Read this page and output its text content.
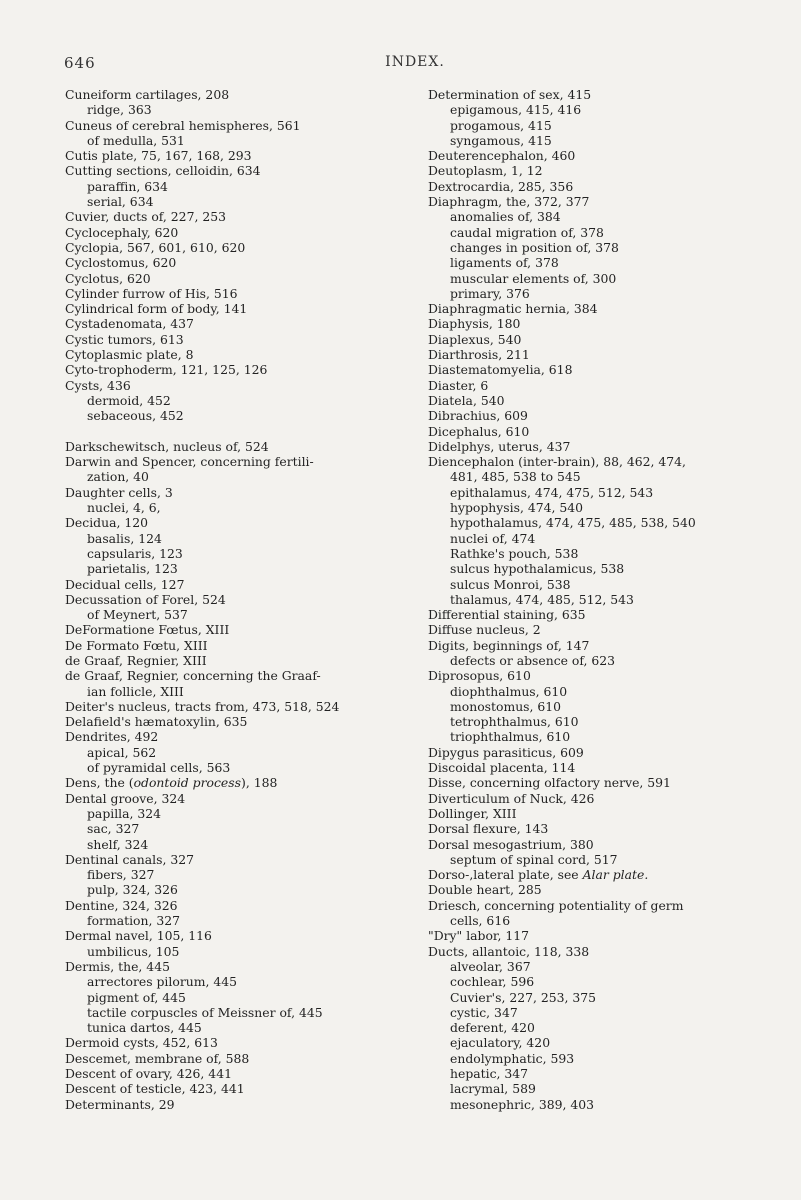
646	INDEX.
Cuneiform cartilages, 208
ridge, 363
Cuneus of cerebral hemispheres, 561
of medulla, 531
Cutis plate, 75, 167, 168, 293
Cutting sections, celloidin, 634
paraffin, 634
serial, 634
Cuvier, ducts of, 227, 253
Cyclocephaly, 620
Cyclopia, 567, 601, 610, 620
Cyclostomus, 620
Cyclotus, 620
Cylinder furrow of His, 516
Cylindrical form of body, 141
Cystadenomata, 437
Cystic tumors, 613
Cytoplasmic plate, 8
Cyto-trophoderm, 121, 125, 126
Cysts, 436
dermoid, 452
sebaceous, 452
Darkschewitsch, nucleus of, 524
Darwin and Spencer, concerning fertili-
zation, 40
Daughter cells, 3
nuclei, 4, 6,
Decidua, 120
basalis, 124
capsularis, 123
parietalis, 123
Decidual cells, 127
Decussation of Forel, 524
of Meynert, 537
DeFormatione Fœtus, XIII
De Formato Fœtu, XIII
de Graaf, Regnier, XIII
de Graaf, Regnier, concerning the Graaf-
ian follicle, XIII
Deiter's nucleus, tracts from, 473, 518, 524
Delafield's hæmatoxylin, 635
Dendrites, 492
apical, 562
of pyramidal cells, 563
Dens, the (odontoid process), 188
Dental groove, 324
papilla, 324
sac, 327
shelf, 324
Dentinal canals, 327
fibers, 327
pulp, 324, 326
Dentine, 324, 326
formation, 327
Dermal navel, 105, 116
umbilicus, 105
Dermis, the, 445
arrectores pilorum, 445
pigment of, 445
tactile corpuscles of Meissner of, 445
tunica dartos, 445
Dermoid cysts, 452, 613
Descemet, membrane of, 588
Descent of ovary, 426, 441
Descent of testicle, 423, 441
Determinants, 29
Determination of sex, 415
epigamous, 415, 416
progamous, 415
syngamous, 415
Deuterencephalon, 460
Deutoplasm, 1, 12
Dextrocardia, 285, 356
Diaphragm, the, 372, 377
anomalies of, 384
caudal migration of, 378
changes in position of, 378
ligaments of, 378
muscular elements of, 300
primary, 376
Diaphragmatic hernia, 384
Diaphysis, 180
Diaplexus, 540
Diarthrosis, 211
Diastematomyelia, 618
Diaster, 6
Diatela, 540
Dibrachius, 609
Dicephalus, 610
Didelphys, uterus, 437
Diencephalon (inter-brain), 88, 462, 474,
481, 485, 538 to 545
epithalamus, 474, 475, 512, 543
hypophysis, 474, 540
hypothalamus, 474, 475, 485, 538, 540
nuclei of, 474
Rathke's pouch, 538
sulcus hypothalamicus, 538
sulcus Monroi, 538
thalamus, 474, 485, 512, 543
Differential staining, 635
Diffuse nucleus, 2
Digits, beginnings of, 147
defects or absence of, 623
Diprosopus, 610
diophthalmus, 610
monostomus, 610
tetrophthalmus, 610
triophthalmus, 610
Dipygus parasiticus, 609
Discoidal placenta, 114
Disse, concerning olfactory nerve, 591
Diverticulum of Nuck, 426
Dollinger, XIII
Dorsal flexure, 143
Dorsal mesogastrium, 380
septum of spinal cord, 517
Dorso-,lateral plate, see Alar plate.
Double heart, 285
Driesch, concerning potentiality of germ
cells, 616
"Dry" labor, 117
Ducts, allantoic, 118, 338
alveolar, 367
cochlear, 596
Cuvier's, 227, 253, 375
cystic, 347
deferent, 420
ejaculatory, 420
endolymphatic, 593
hepatic, 347
lacrymal, 589
mesonephric, 389, 403
